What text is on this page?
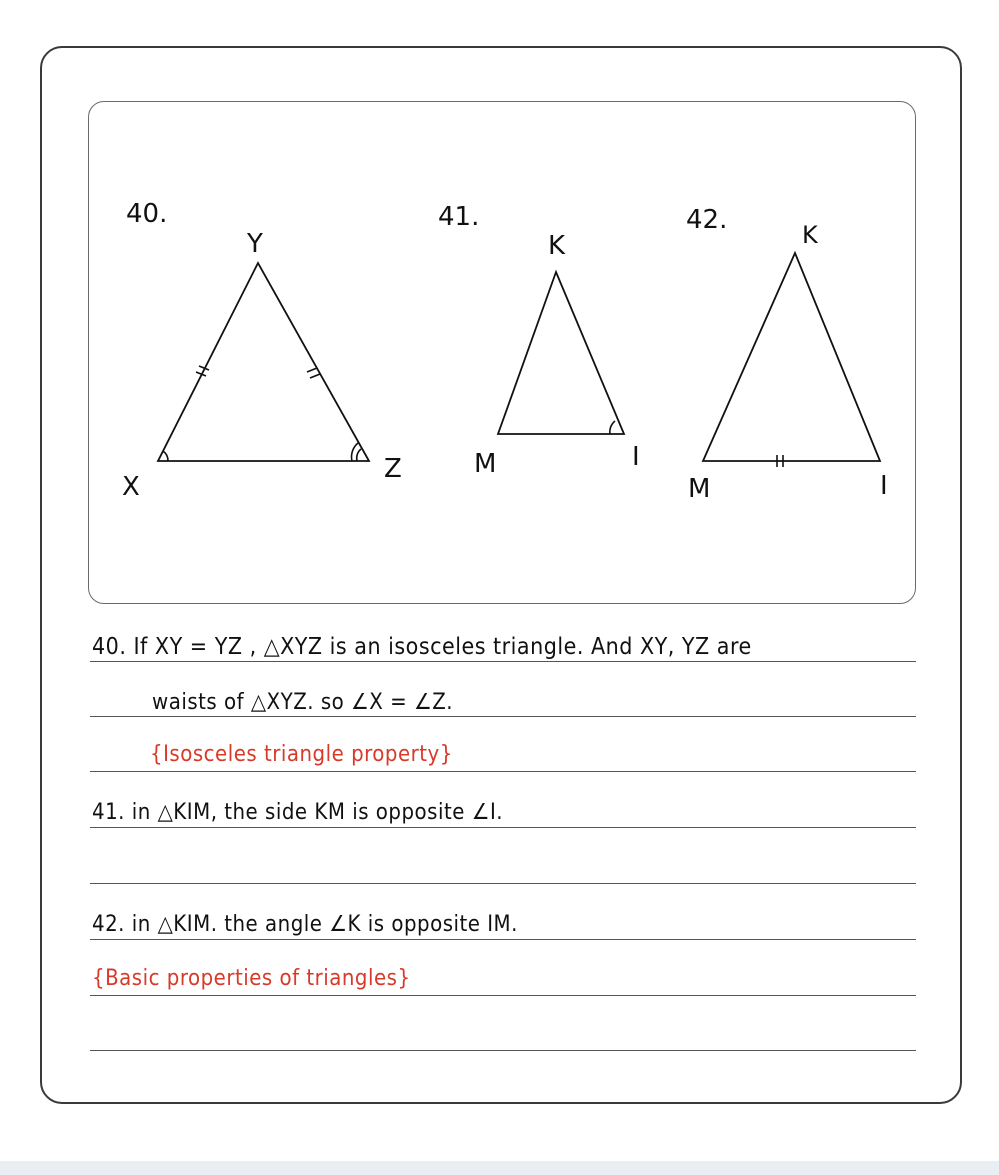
40.
Y
X
Z
41.
K
M	I
42.	K
M	I
40. If XY = YZ , △XYZ is an isosceles triangle. And XY, YZ are
waists of △XYZ. so ∠X = ∠Z.
{Isosceles triangle property}
41. in △KIM, the side KM is opposite ∠I.
42. in △KIM. the angle ∠K is opposite IM.
{Basic properties of triangles}
